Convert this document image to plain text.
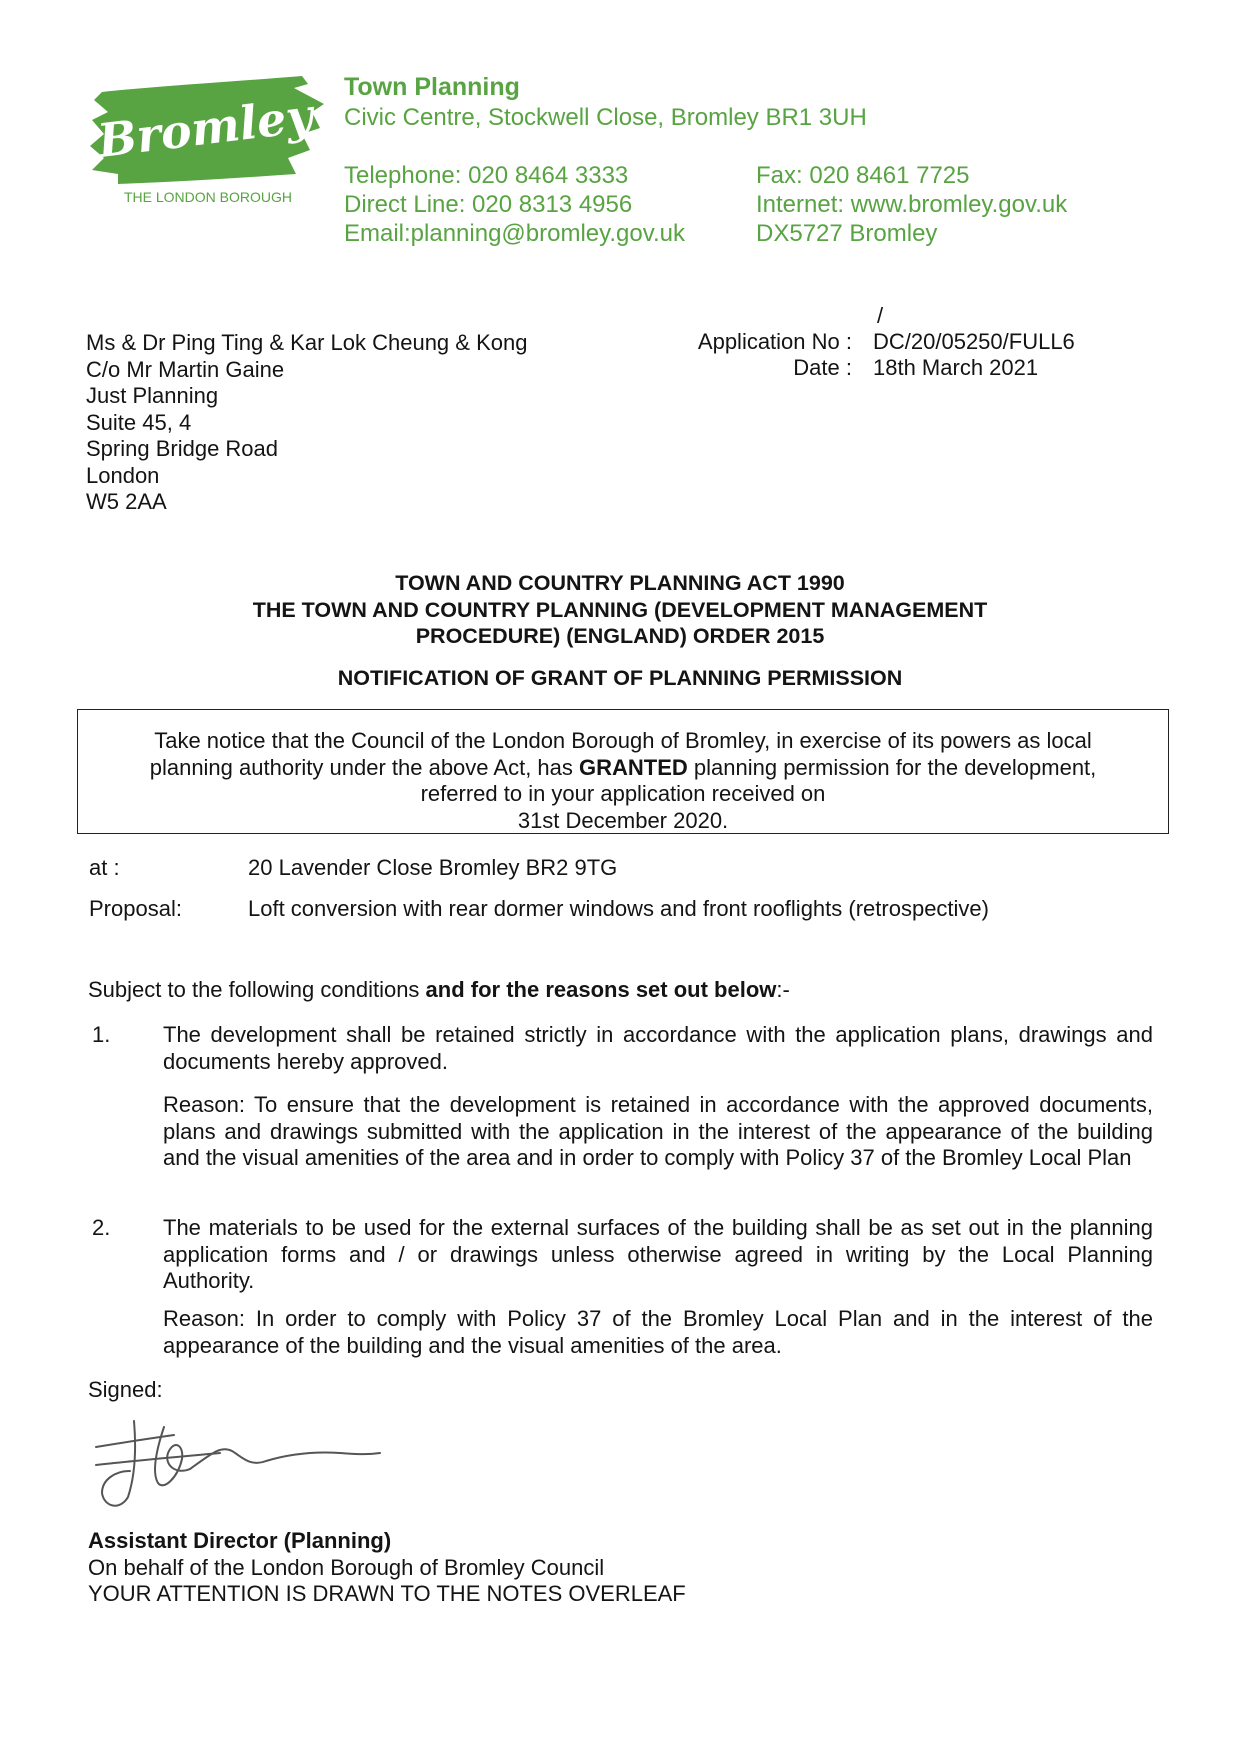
Bromley
THE LONDON BOROUGH
Town Planning
Civic Centre, Stockwell Close, Bromley BR1 3UH
Telephone: 020 8464 3333
Direct Line: 020 8313 4956
Email:planning@bromley.gov.uk
Fax: 020 8461 7725
Internet: www.bromley.gov.uk
DX5727 Bromley
Ms & Dr Ping Ting & Kar Lok Cheung & Kong
C/o Mr Martin Gaine
Just Planning
Suite 45, 4
Spring Bridge Road
London
W5 2AA
/
Application No : DC/20/05250/FULL6
Date : 18th March 2021
TOWN AND COUNTRY PLANNING ACT 1990
THE TOWN AND COUNTRY PLANNING (DEVELOPMENT MANAGEMENT
PROCEDURE) (ENGLAND) ORDER 2015
NOTIFICATION OF GRANT OF PLANNING PERMISSION
Take notice that the Council of the London Borough of Bromley, in exercise of its powers as local
planning authority under the above Act, has GRANTED planning permission for the development,
referred to in your application received on
31st December 2020.
at :	20 Lavender Close Bromley BR2 9TG
Proposal:	Loft conversion with rear dormer windows and front rooflights (retrospective)
Subject to the following conditions and for the reasons set out below:-
1. The development shall be retained strictly in accordance with the application plans, drawings and documents hereby approved.
Reason: To ensure that the development is retained in accordance with the approved documents, plans and drawings submitted with the application in the interest of the appearance of the building and the visual amenities of the area and in order to comply with Policy 37 of the Bromley Local Plan
2. The materials to be used for the external surfaces of the building shall be as set out in the planning application forms and / or drawings unless otherwise agreed in writing by the Local Planning Authority.
Reason: In order to comply with Policy 37 of the Bromley Local Plan and in the interest of the appearance of the building and the visual amenities of the area.
Signed:
Assistant Director (Planning)
On behalf of the London Borough of Bromley Council
YOUR ATTENTION IS DRAWN TO THE NOTES OVERLEAF
